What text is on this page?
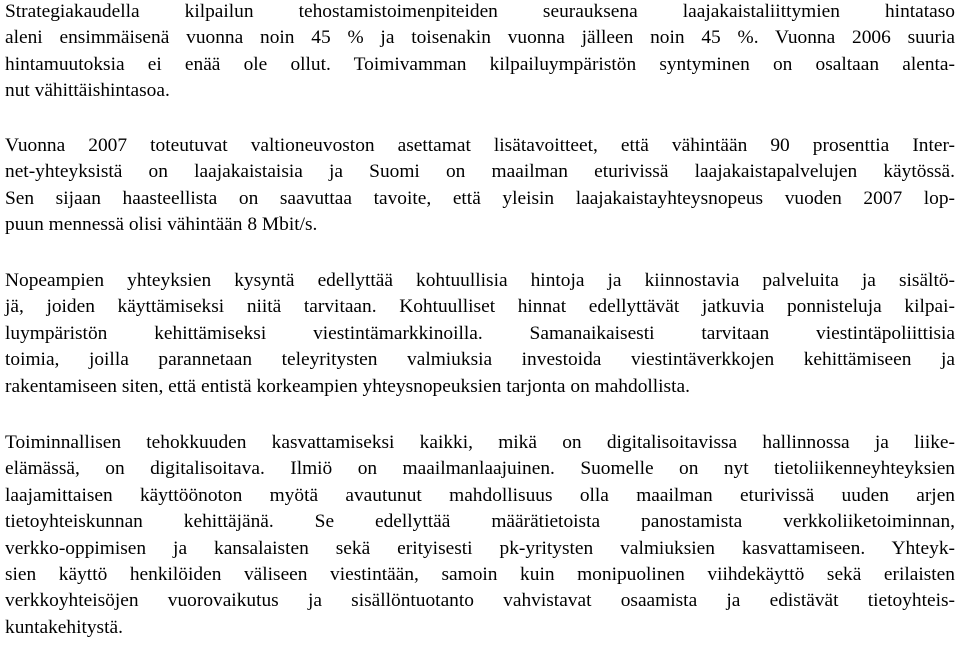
Strategiakaudella kilpailun tehostamistoimenpiteiden seurauksena laajakaistaliittymien hintataso
aleni ensimmäisenä vuonna noin 45 % ja toisenakin vuonna jälleen noin 45 %. Vuonna 2006 suuria
hintamuutoksia ei enää ole ollut. Toimivamman kilpailuympäristön syntyminen on osaltaan alenta-
nut vähittäishintasoa.
Vuonna 2007 toteutuvat valtioneuvoston asettamat lisätavoitteet, että vähintään 90 prosenttia Inter-
net-yhteyksistä on laajakaistaisia ja Suomi on maailman eturivissä laajakaistapalvelujen käytössä.
Sen sijaan haasteellista on saavuttaa tavoite, että yleisin laajakaistayhteysnopeus vuoden 2007 lop-
puun mennessä olisi vähintään 8 Mbit/s.
Nopeampien yhteyksien kysyntä edellyttää kohtuullisia hintoja ja kiinnostavia palveluita ja sisältö-
jä, joiden käyttämiseksi niitä tarvitaan. Kohtuulliset hinnat edellyttävät jatkuvia ponnisteluja kilpai-
luympäristön kehittämiseksi viestintämarkkinoilla. Samanaikaisesti tarvitaan viestintäpoliittisia
toimia, joilla parannetaan teleyritysten valmiuksia investoida viestintäverkkojen kehittämiseen ja
rakentamiseen siten, että entistä korkeampien yhteysnopeuksien tarjonta on mahdollista.
Toiminnallisen tehokkuuden kasvattamiseksi kaikki, mikä on digitalisoitavissa hallinnossa ja liike-
elämässä, on digitalisoitava. Ilmiö on maailmanlaajuinen. Suomelle on nyt tietoliikenneyhteyksien
laajamittaisen käyttöönoton myötä avautunut mahdollisuus olla maailman eturivissä uuden arjen
tietoyhteiskunnan kehittäjänä. Se edellyttää määrätietoista panostamista verkkoliiketoiminnan,
verkko-oppimisen ja kansalaisten sekä erityisesti pk-yritysten valmiuksien kasvattamiseen. Yhteyk-
sien käyttö henkilöiden väliseen viestintään, samoin kuin monipuolinen viihdekäyttö sekä erilaisten
verkkoyhteisöjen vuorovaikutus ja sisällöntuotanto vahvistavat osaamista ja edistävät tietoyhteis-
kuntakehitystä.
